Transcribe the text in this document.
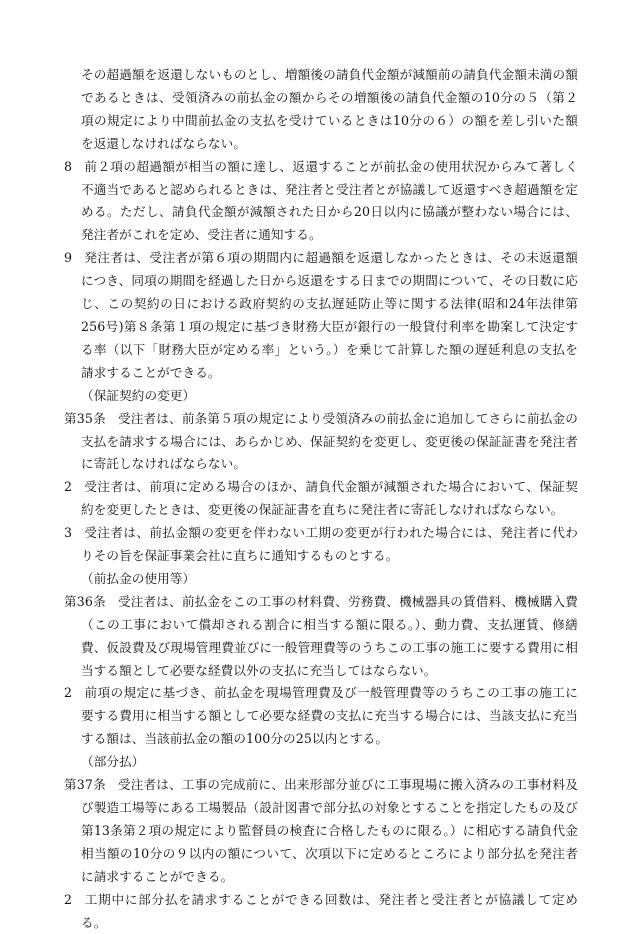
その超過額を返還しないものとし、増額後の請負代金額が減額前の請負代金額未満の額であるときは、受領済みの前払金の額からその増額後の請負代金額の10分の５（第２項の規定により中間前払金の支払を受けているときは10分の６）の額を差し引いた額を返還しなければならない。

8 前２項の超過額が相当の額に達し、返還することが前払金の使用状況からみて著しく不適当であると認められるときは、発注者と受注者とが協議して返還すべき超過額を定める。ただし、請負代金額が減額された日から20日以内に協議が整わない場合には、発注者がこれを定め、受注者に通知する。

9 発注者は、受注者が第６項の期間内に超過額を返還しなかったときは、その未返還額につき、同項の期間を経過した日から返還をする日までの期間について、その日数に応じ、この契約の日における政府契約の支払遅延防止等に関する法律(昭和24年法律第256号)第８条第１項の規定に基づき財務大臣が銀行の一般貸付利率を勘案して決定する率（以下「財務大臣が定める率」という。）を乗じて計算した額の遅延利息の支払を請求することができる。

（保証契約の変更）

第35条 受注者は、前条第５項の規定により受領済みの前払金に追加してさらに前払金の支払を請求する場合には、あらかじめ、保証契約を変更し、変更後の保証証書を発注者に寄託しなければならない。

2 受注者は、前項に定める場合のほか、請負代金額が減額された場合において、保証契約を変更したときは、変更後の保証証書を直ちに発注者に寄託しなければならない。

3 受注者は、前払金額の変更を伴わない工期の変更が行われた場合には、発注者に代わりその旨を保証事業会社に直ちに通知するものとする。

（前払金の使用等）

第36条 受注者は、前払金をこの工事の材料費、労務費、機械器具の賃借料、機械購入費（この工事において償却される割合に相当する額に限る。）、動力費、支払運賃、修繕費、仮設費及び現場管理費並びに一般管理費等のうちこの工事の施工に要する費用に相当する額として必要な経費以外の支払に充当してはならない。

2 前項の規定に基づき、前払金を現場管理費及び一般管理費等のうちこの工事の施工に要する費用に相当する額として必要な経費の支払に充当する場合には、当該支払に充当する額は、当該前払金の額の100分の25以内とする。

（部分払）

第37条 受注者は、工事の完成前に、出来形部分並びに工事現場に搬入済みの工事材料及び製造工場等にある工場製品（設計図書で部分払の対象とすることを指定したもの及び第13条第２項の規定により監督員の検査に合格したものに限る。）に相応する請負代金相当額の10分の９以内の額について、次項以下に定めるところにより部分払を発注者に請求することができる。

2 工期中に部分払を請求することができる回数は、発注者と受注者とが協議して定める。
